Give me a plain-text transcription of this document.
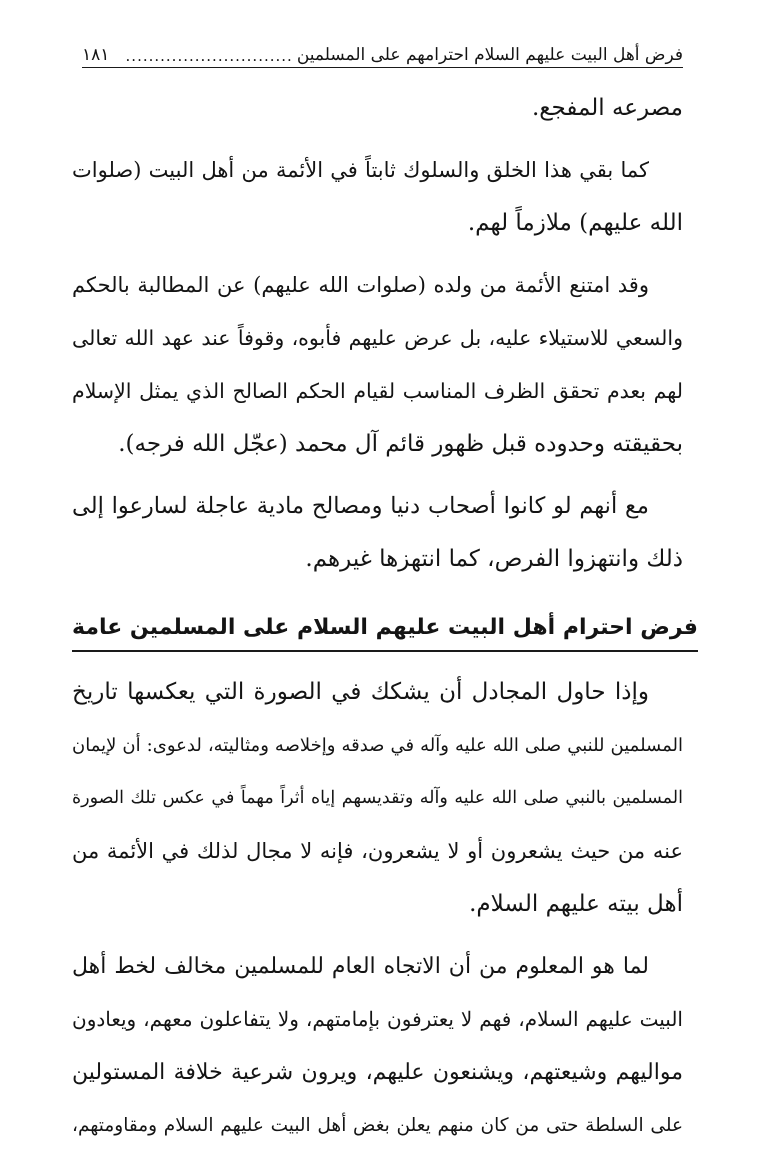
فرض أهل البيت عليهم السلام احترامهم على المسلمين
.............................
١٨١

مصرعه المفجع.

كما بقي هذا الخلق والسلوك ثابتاً في الأئمة من أهل البيت (صلوات

الله عليهم) ملازماً لهم.

وقد امتنع الأئمة من ولده (صلوات الله عليهم) عن المطالبة بالحكم

والسعي للاستيلاء عليه، بل عرض عليهم فأبوه، وقوفاً عند عهد الله تعالى

لهم بعدم تحقق الظرف المناسب لقيام الحكم الصالح الذي يمثل الإسلام

بحقيقته وحدوده قبل ظهور قائم آل محمد (عجّل الله فرجه).

مع أنهم لو كانوا أصحاب دنيا ومصالح مادية عاجلة لسارعوا إلى

ذلك وانتهزوا الفرص، كما انتهزها غيرهم.

فرض احترام أهل البيت عليهم السلام على المسلمين عامة

وإذا حاول المجادل أن يشكك في الصورة التي يعكسها تاريخ

المسلمين للنبي صلى الله عليه وآله في صدقه وإخلاصه ومثاليته، لدعوى: أن لإيمان

المسلمين بالنبي صلى الله عليه وآله وتقديسهم إياه أثراً مهماً في عكس تلك الصورة

عنه من حيث يشعرون أو لا يشعرون، فإنه لا مجال لذلك في الأئمة من

أهل بيته عليهم السلام.

لما هو المعلوم من أن الاتجاه العام للمسلمين مخالف لخط أهل

البيت عليهم السلام، فهم لا يعترفون بإمامتهم، ولا يتفاعلون معهم، ويعادون

مواليهم وشيعتهم، ويشنعون عليهم، ويرون شرعية خلافة المستولين

على السلطة حتى من كان منهم يعلن بغض أهل البيت عليهم السلام ومقاومتهم،
